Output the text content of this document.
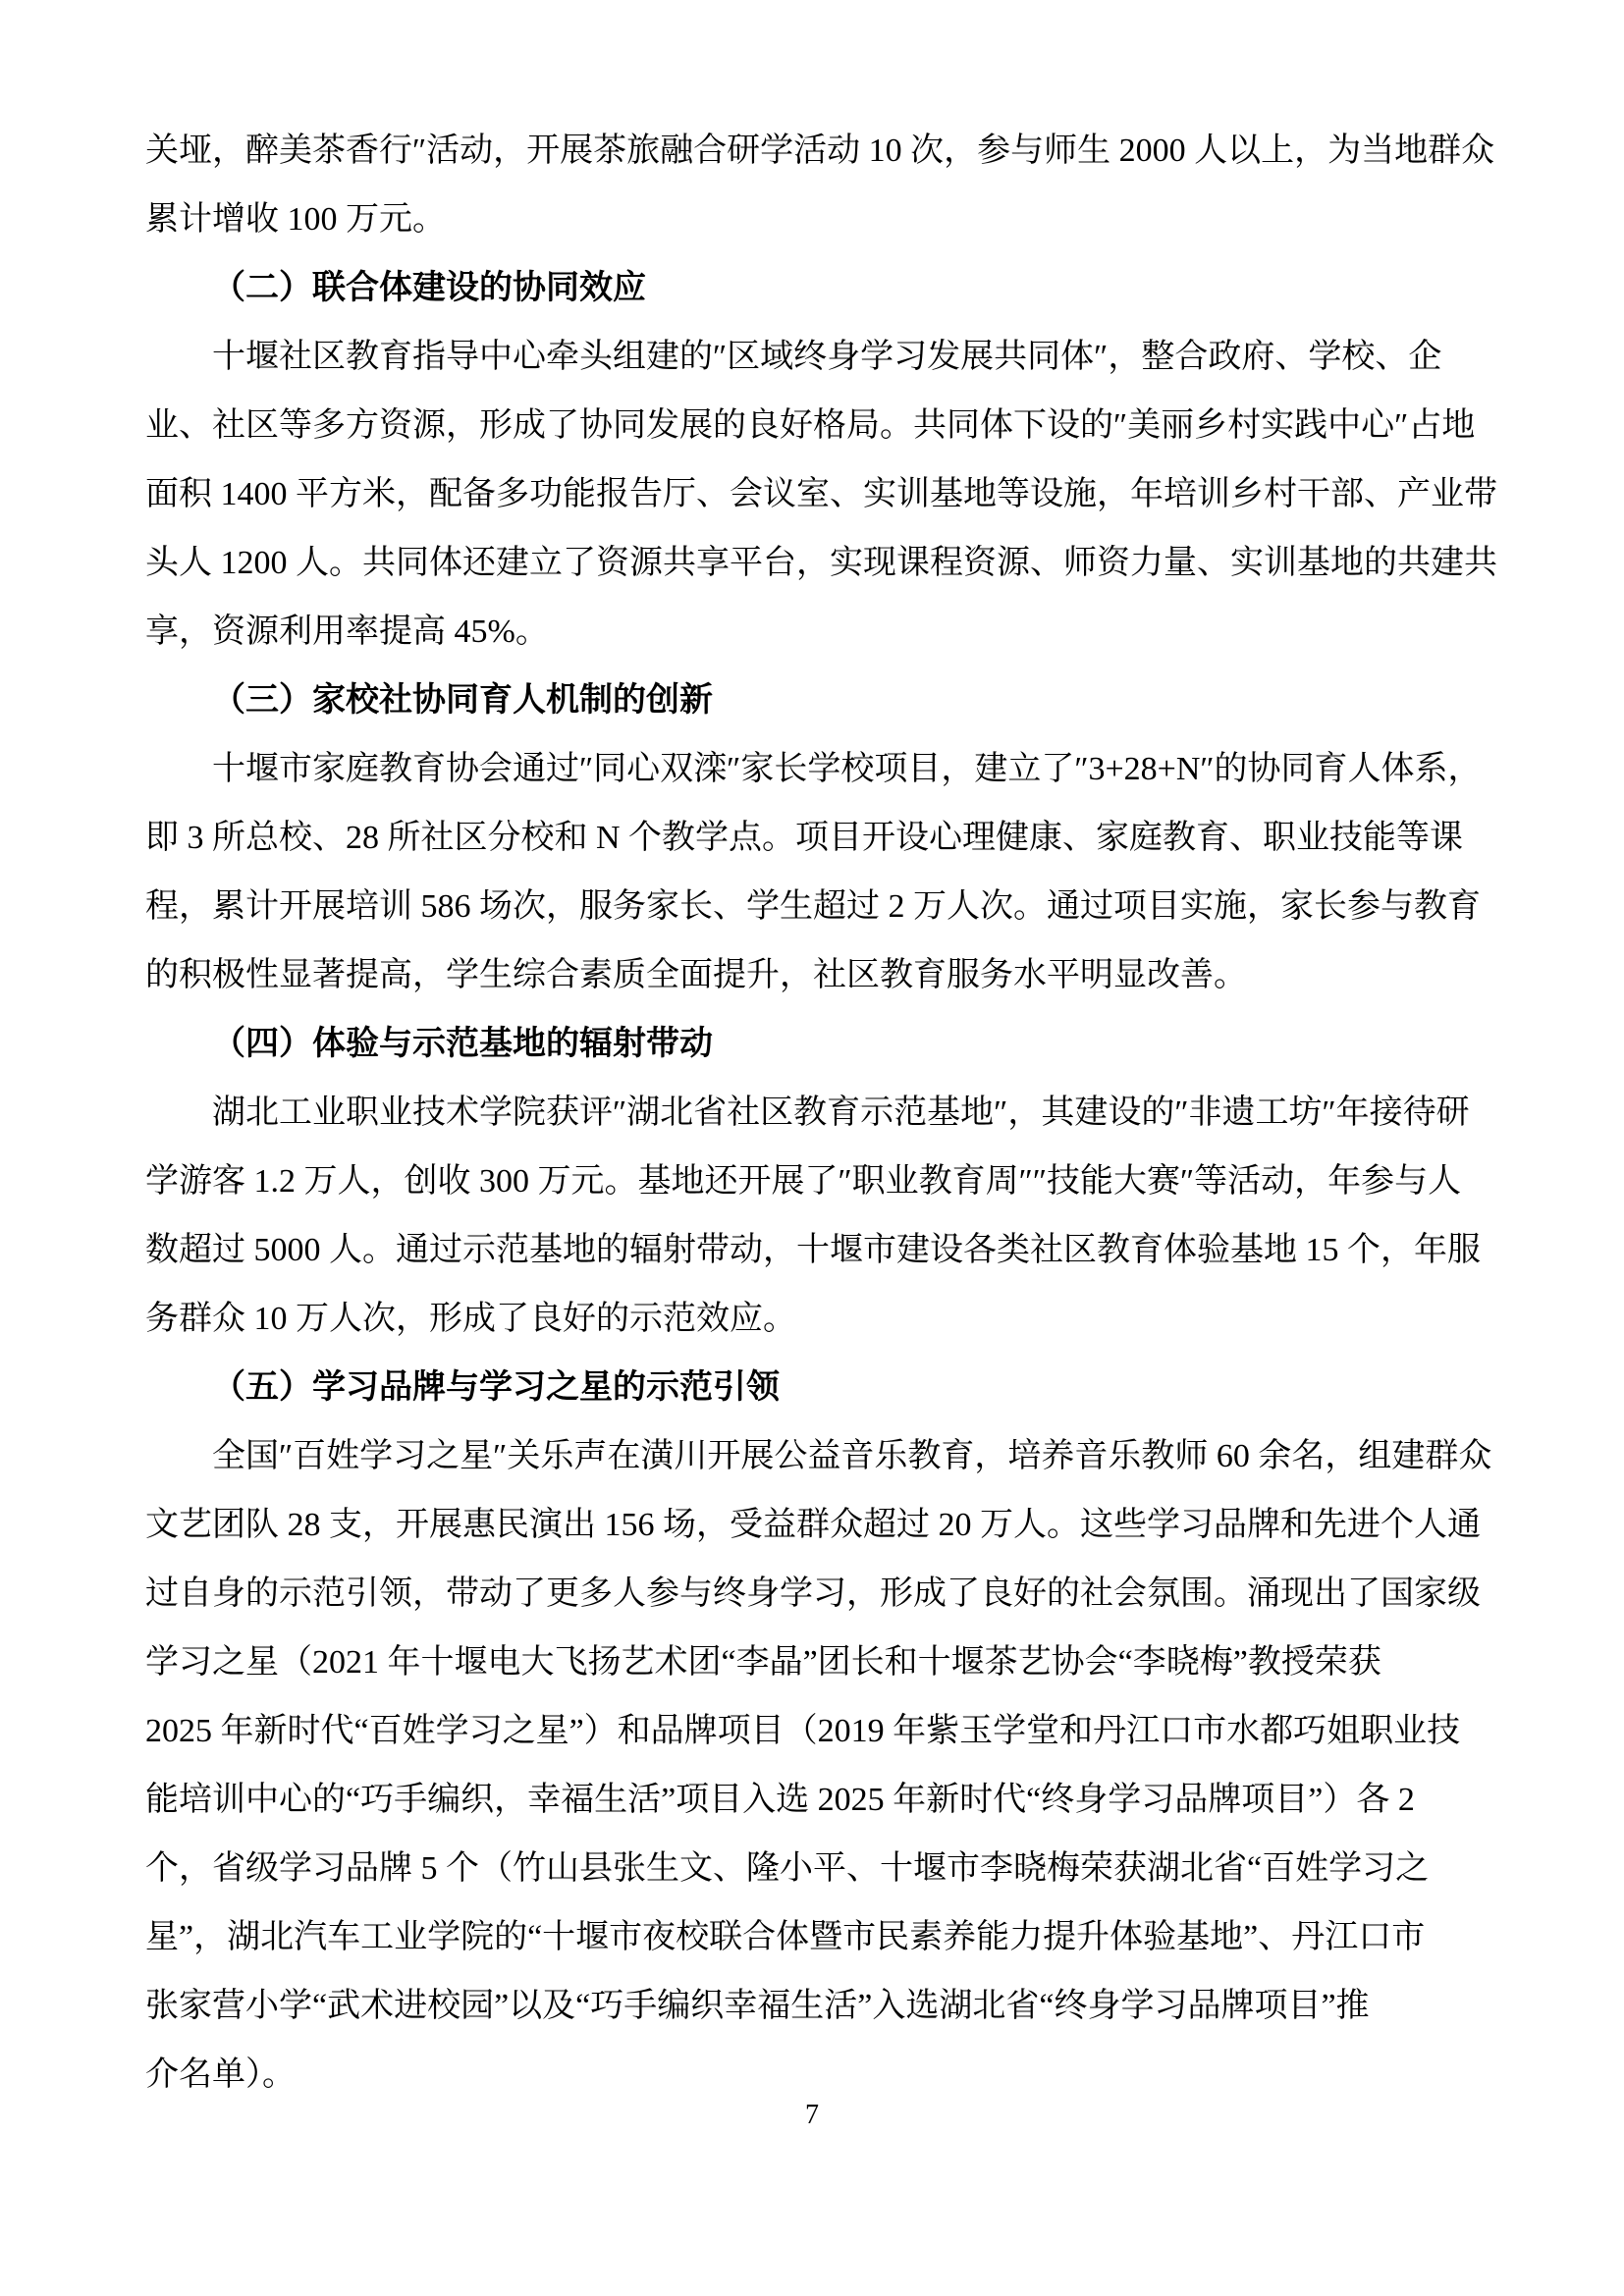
关垭，醉美茶香行″活动，开展茶旅融合研学活动 10 次，参与师生 2000 人以上，为当地群众
累计增收 100 万元。
（二）联合体建设的协同效应
十堰社区教育指导中心牵头组建的″区域终身学习发展共同体″，整合政府、学校、企
业、社区等多方资源，形成了协同发展的良好格局。共同体下设的″美丽乡村实践中心″占地
面积 1400 平方米，配备多功能报告厅、会议室、实训基地等设施，年培训乡村干部、产业带
头人 1200 人。共同体还建立了资源共享平台，实现课程资源、师资力量、实训基地的共建共
享，资源利用率提高 45%。
（三）家校社协同育人机制的创新
十堰市家庭教育协会通过″同心双滦″家长学校项目，建立了″3+28+N″的协同育人体系，
即 3 所总校、28 所社区分校和 N 个教学点。项目开设心理健康、家庭教育、职业技能等课
程，累计开展培训 586 场次，服务家长、学生超过 2 万人次。通过项目实施，家长参与教育
的积极性显著提高，学生综合素质全面提升，社区教育服务水平明显改善。
（四）体验与示范基地的辐射带动
湖北工业职业技术学院获评″湖北省社区教育示范基地″，其建设的″非遗工坊″年接待研
学游客 1.2 万人，创收 300 万元。基地还开展了″职业教育周″″技能大赛″等活动，年参与人
数超过 5000 人。通过示范基地的辐射带动，十堰市建设各类社区教育体验基地 15 个，年服
务群众 10 万人次，形成了良好的示范效应。
（五）学习品牌与学习之星的示范引领
全国″百姓学习之星″关乐声在潢川开展公益音乐教育，培养音乐教师 60 余名，组建群众
文艺团队 28 支，开展惠民演出 156 场，受益群众超过 20 万人。这些学习品牌和先进个人通
过自身的示范引领，带动了更多人参与终身学习，形成了良好的社会氛围。涌现出了国家级
学习之星（2021 年十堰电大飞扬艺术团“李晶”团长和十堰茶艺协会“李晓梅”教授荣获
2025 年新时代“百姓学习之星”）和品牌项目（2019 年紫玉学堂和丹江口市水都巧姐职业技
能培训中心的“巧手编织，幸福生活”项目入选 2025 年新时代“终身学习品牌项目”）各 2
个，省级学习品牌 5 个（竹山县张生文、隆小平、十堰市李晓梅荣获湖北省“百姓学习之
星”，湖北汽车工业学院的“十堰市夜校联合体暨市民素养能力提升体验基地”、丹江口市
张家营小学“武术进校园”以及“巧手编织幸福生活”入选湖北省“终身学习品牌项目”推
介名单）。
7
